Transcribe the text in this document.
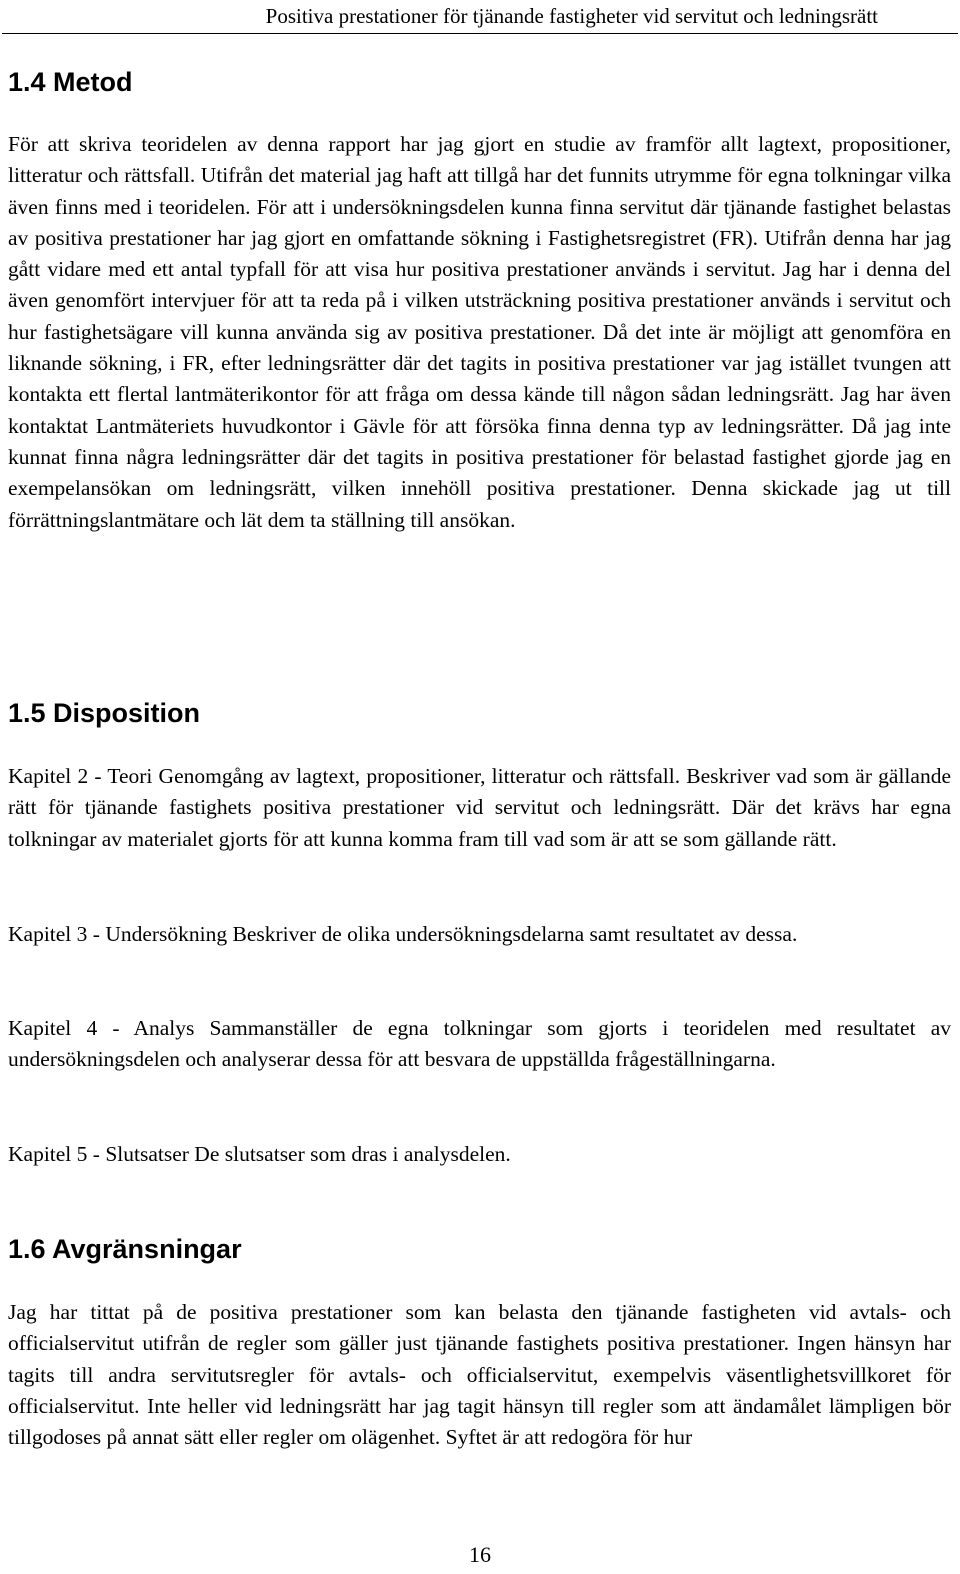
Positiva prestationer för tjänande fastigheter vid servitut och ledningsrätt
1.4 Metod

För att skriva teoridelen av denna rapport har jag gjort en studie av framför allt lagtext, propositioner, litteratur och rättsfall. Utifrån det material jag haft att tillgå har det funnits utrymme för egna tolkningar vilka även finns med i teoridelen. För att i undersökningsdelen kunna finna servitut där tjänande fastighet belastas av positiva prestationer har jag gjort en omfattande sökning i Fastighetsregistret (FR). Utifrån denna har jag gått vidare med ett antal typfall för att visa hur positiva prestationer används i servitut. Jag har i denna del även genomfört intervjuer för att ta reda på i vilken utsträckning positiva prestationer används i servitut och hur fastighetsägare vill kunna använda sig av positiva prestationer. Då det inte är möjligt att genomföra en liknande sökning, i FR, efter ledningsrätter där det tagits in positiva prestationer var jag istället tvungen att kontakta ett flertal lantmäterikontor för att fråga om dessa kände till någon sådan ledningsrätt. Jag har även kontaktat Lantmäteriets huvudkontor i Gävle för att försöka finna denna typ av ledningsrätter. Då jag inte kunnat finna några ledningsrätter där det tagits in positiva prestationer för belastad fastighet gjorde jag en exempelansökan om ledningsrätt, vilken innehöll positiva prestationer. Denna skickade jag ut till förrättningslantmätare och lät dem ta ställning till ansökan.

1.5 Disposition

Kapitel 2 - Teori Genomgång av lagtext, propositioner, litteratur och rättsfall. Beskriver vad som är gällande rätt för tjänande fastighets positiva prestationer vid servitut och ledningsrätt. Där det krävs har egna tolkningar av materialet gjorts för att kunna komma fram till vad som är att se som gällande rätt.

Kapitel 3 - Undersökning Beskriver de olika undersökningsdelarna samt resultatet av dessa.

Kapitel 4 - Analys Sammanställer de egna tolkningar som gjorts i teoridelen med resultatet av undersökningsdelen och analyserar dessa för att besvara de uppställda frågeställningarna.

Kapitel 5 - Slutsatser De slutsatser som dras i analysdelen.

1.6 Avgränsningar

Jag har tittat på de positiva prestationer som kan belasta den tjänande fastigheten vid avtals- och officialservitut utifrån de regler som gäller just tjänande fastighets positiva prestationer. Ingen hänsyn har tagits till andra servitutsregler för avtals- och officialservitut, exempelvis väsentlighetsvillkoret för officialservitut. Inte heller vid ledningsrätt har jag tagit hänsyn till regler som att ändamålet lämpligen bör tillgodoses på annat sätt eller regler om olägenhet. Syftet är att redogöra för hur

16
